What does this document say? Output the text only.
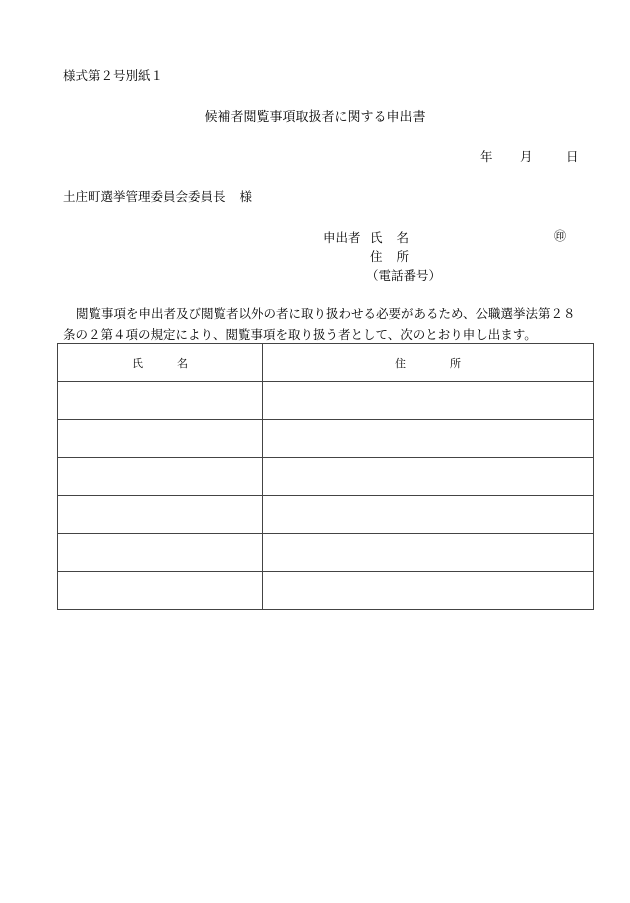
様式第２号別紙１
候補者閲覧事項取扱者に関する申出書
年 月	日
土庄町選挙管理委員会委員長 様
申出者 氏名	㊞
住所
（電話番号）
閲覧事項を申出者及び閲覧者以外の者に取り扱わせる必要があるため、公職選挙法第２８
条の２第４項の規定により、閲覧事項を取り扱う者として、次のとおり申し出ます。
氏名	住所
